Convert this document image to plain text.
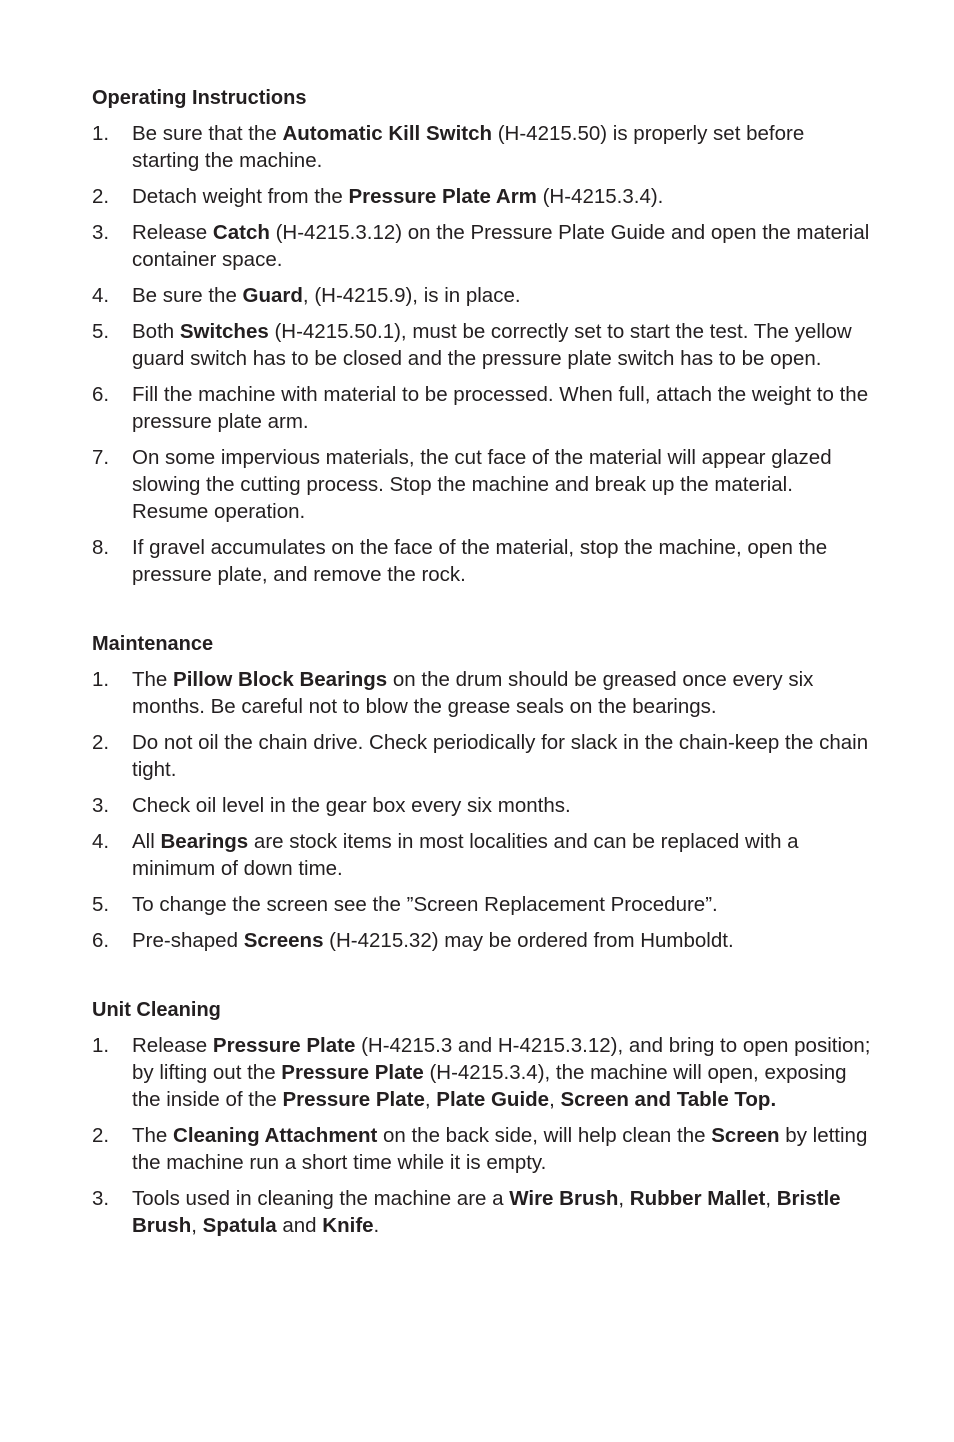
Operating Instructions
1. Be sure that the Automatic Kill Switch (H-4215.50) is properly set before starting the machine.
2. Detach weight from the Pressure Plate Arm (H-4215.3.4).
3. Release Catch (H-4215.3.12) on the Pressure Plate Guide and open the material container space.
4. Be sure the Guard, (H-4215.9), is in place.
5. Both Switches (H-4215.50.1), must be correctly set to start the test. The yellow guard switch has to be closed and the pressure plate switch has to be open.
6. Fill the machine with material to be processed. When full, attach the weight to the pressure plate arm.
7. On some impervious materials, the cut face of the material will appear glazed slowing the cutting process. Stop the machine and break up the material. Resume operation.
8. If gravel accumulates on the face of the material, stop the machine, open the pressure plate, and remove the rock.
Maintenance
1. The Pillow Block Bearings on the drum should be greased once every six months. Be careful not to blow the grease seals on the bearings.
2. Do not oil the chain drive. Check periodically for slack in the chain-keep the chain tight.
3. Check oil level in the gear box every six months.
4. All Bearings are stock items in most localities and can be replaced with a minimum of down time.
5. To change the screen see the ”Screen Replacement Procedure”.
6. Pre-shaped Screens (H-4215.32) may be ordered from Humboldt.
Unit Cleaning
1. Release Pressure Plate (H-4215.3 and H-4215.3.12), and bring to open position; by lifting out the Pressure Plate (H-4215.3.4), the machine will open, exposing the inside of the Pressure Plate, Plate Guide, Screen and Table Top.
2. The Cleaning Attachment on the back side, will help clean the Screen by letting the machine run a short time while it is empty.
3. Tools used in cleaning the machine are a Wire Brush, Rubber Mallet, Bristle Brush, Spatula and Knife.
